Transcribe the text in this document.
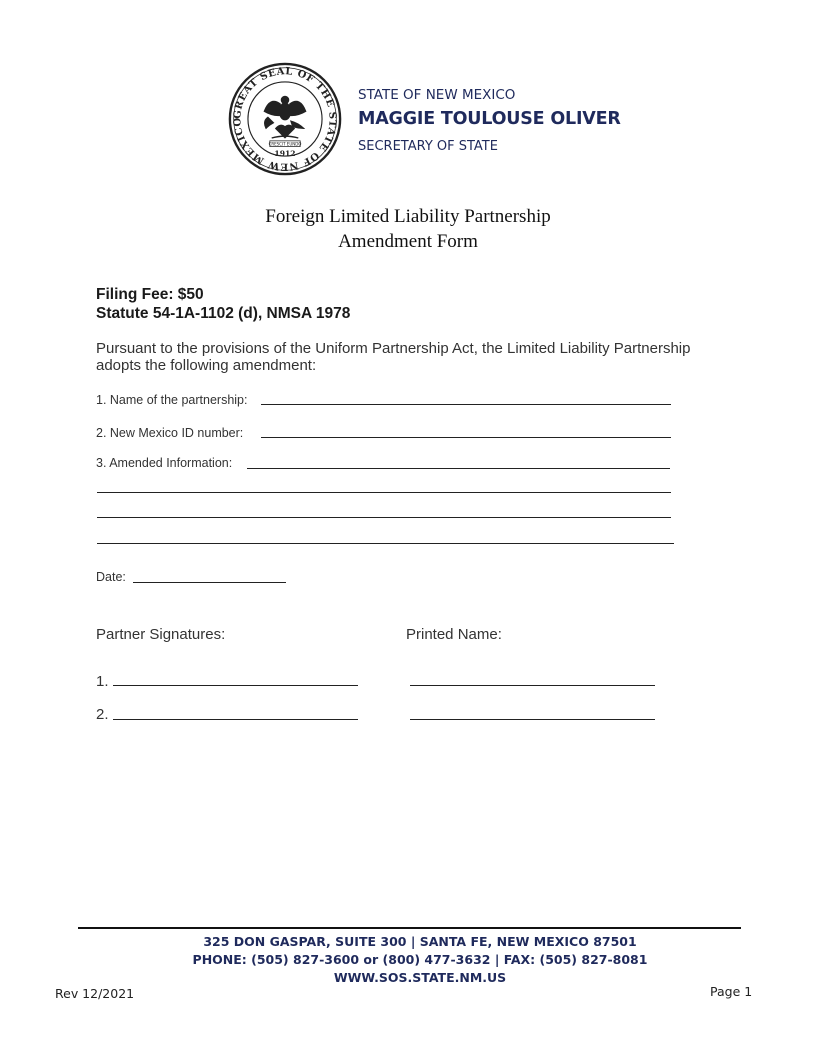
GREAT SEAL OF THE STATE OF NEW MEXICO
CRESCIT EUNDO
1912
STATE OF NEW MEXICO
MAGGIE TOULOUSE OLIVER
SECRETARY OF STATE
Foreign Limited Liability Partnership
Amendment Form
Filing Fee: $50
Statute 54-1A-1102 (d), NMSA 1978
Pursuant to the provisions of the Uniform Partnership Act, the Limited Liability Partnership adopts the following amendment:
1. Name of the partnership:
2. New Mexico ID number:
3. Amended Information:
Date:
Partner Signatures:	Printed Name:
1.
2.
325 DON GASPAR, SUITE 300 | SANTA FE, NEW MEXICO 87501
PHONE: (505) 827-3600 or (800) 477-3632 | FAX: (505) 827-8081
WWW.SOS.STATE.NM.US
Rev 12/2021	Page 1
